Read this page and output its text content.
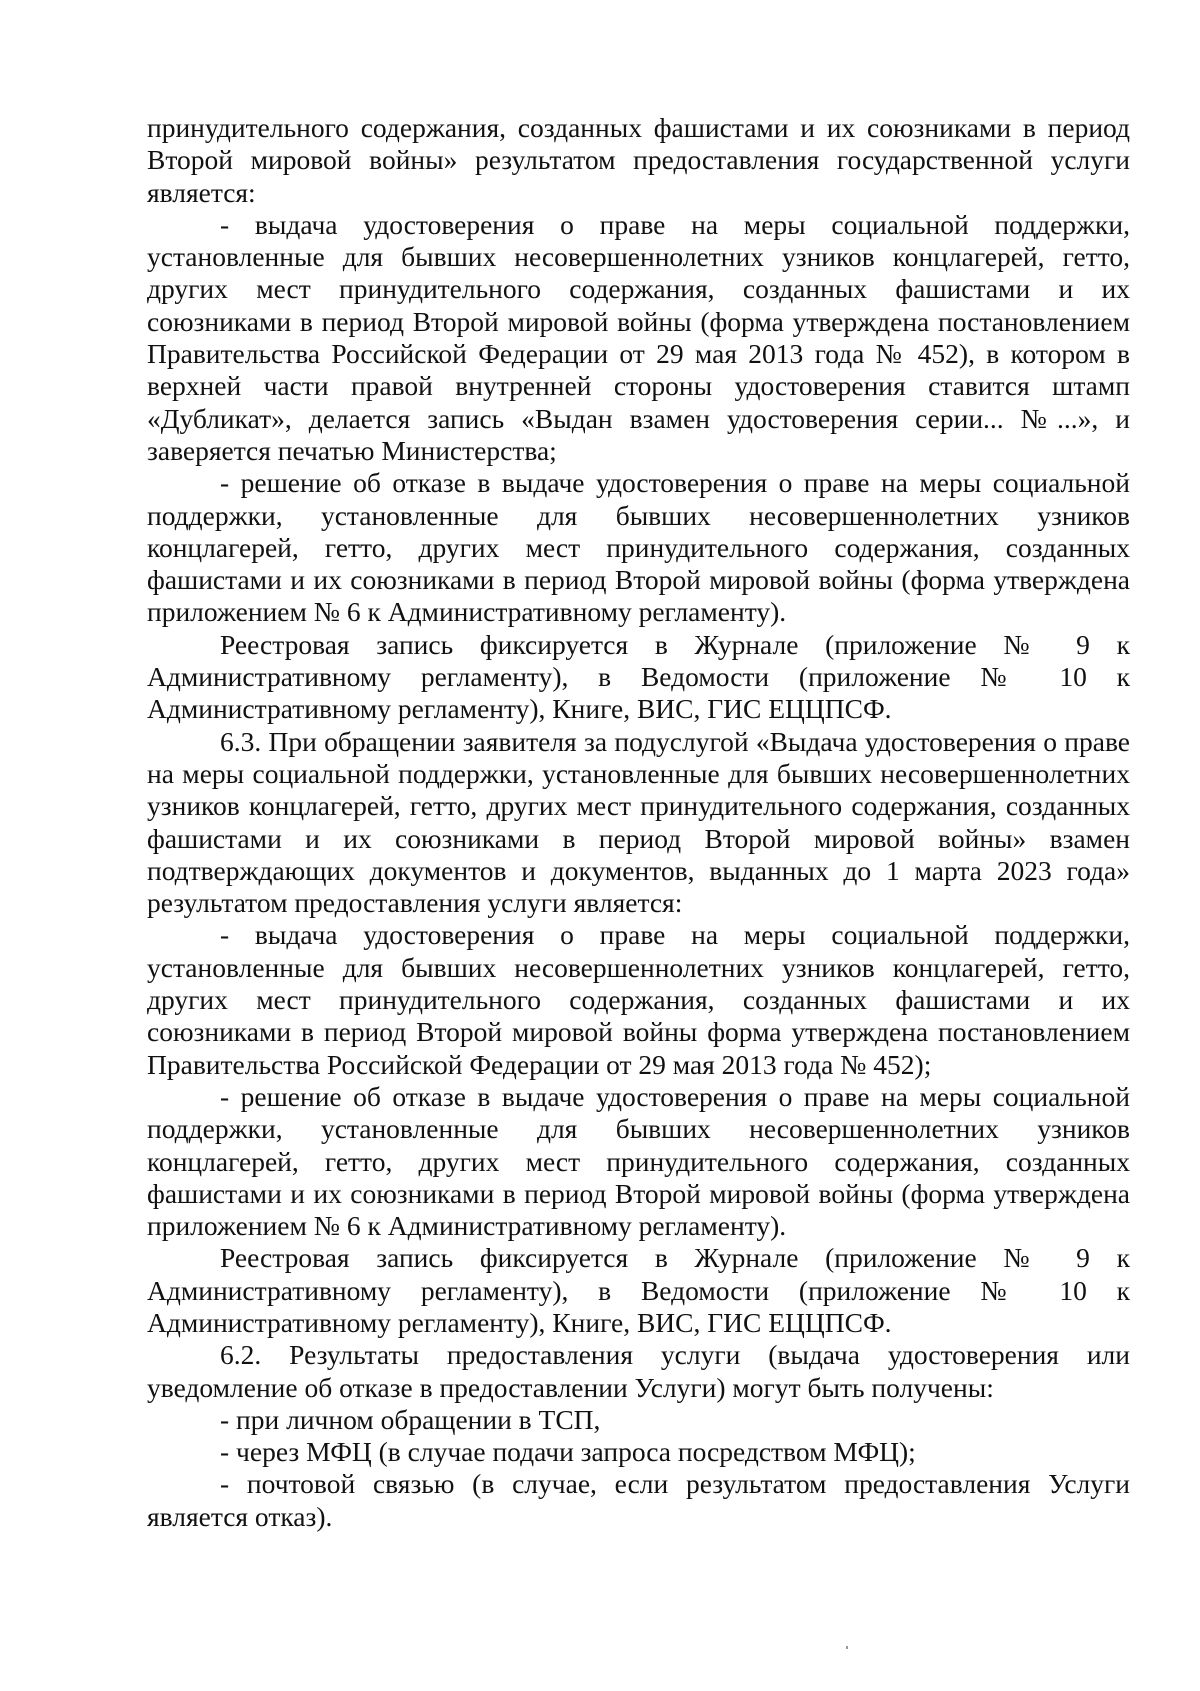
принудительного содержания, созданных фашистами и их союзниками в период Второй мировой войны» результатом предоставления государственной услуги является:

- выдача удостоверения о праве на меры социальной поддержки, установленные для бывших несовершеннолетних узников концлагерей, гетто, других мест принудительного содержания, созданных фашистами и их союзниками в период Второй мировой войны (форма утверждена постановлением Правительства Российской Федерации от 29 мая 2013 года № 452), в котором в верхней части правой внутренней стороны удостоверения ставится штамп «Дубликат», делается запись «Выдан взамен удостоверения серии... №...», и заверяется печатью Министерства;

- решение об отказе в выдаче удостоверения о праве на меры социальной поддержки, установленные для бывших несовершеннолетних узников концлагерей, гетто, других мест принудительного содержания, созданных фашистами и их союзниками в период Второй мировой войны (форма утверждена приложением № 6 к Административному регламенту).

Реестровая запись фиксируется в Журнале (приложение № 9 к Административному регламенту), в Ведомости (приложение № 10 к Административному регламенту), Книге, ВИС, ГИС ЕЦЦПСФ.

6.3. При обращении заявителя за подуслугой «Выдача удостоверения о праве на меры социальной поддержки, установленные для бывших несовершеннолетних узников концлагерей, гетто, других мест принудительного содержания, созданных фашистами и их союзниками в период Второй мировой войны» взамен подтверждающих документов и документов, выданных до 1 марта 2023 года» результатом предоставления услуги является:

- выдача удостоверения о праве на меры социальной поддержки, установленные для бывших несовершеннолетних узников концлагерей, гетто, других мест принудительного содержания, созданных фашистами и их союзниками в период Второй мировой войны форма утверждена постановлением Правительства Российской Федерации от 29 мая 2013 года № 452);

- решение об отказе в выдаче удостоверения о праве на меры социальной поддержки, установленные для бывших несовершеннолетних узников концлагерей, гетто, других мест принудительного содержания, созданных фашистами и их союзниками в период Второй мировой войны (форма утверждена приложением № 6 к Административному регламенту).

Реестровая запись фиксируется в Журнале (приложение № 9 к Административному регламенту), в Ведомости (приложение № 10 к Административному регламенту), Книге, ВИС, ГИС ЕЦЦПСФ.

6.2. Результаты предоставления услуги (выдача удостоверения или уведомление об отказе в предоставлении Услуги) могут быть получены:

- при личном обращении в ТСП,

- через МФЦ (в случае подачи запроса посредством МФЦ);

- почтовой связью (в случае, если результатом предоставления Услуги является отказ).
